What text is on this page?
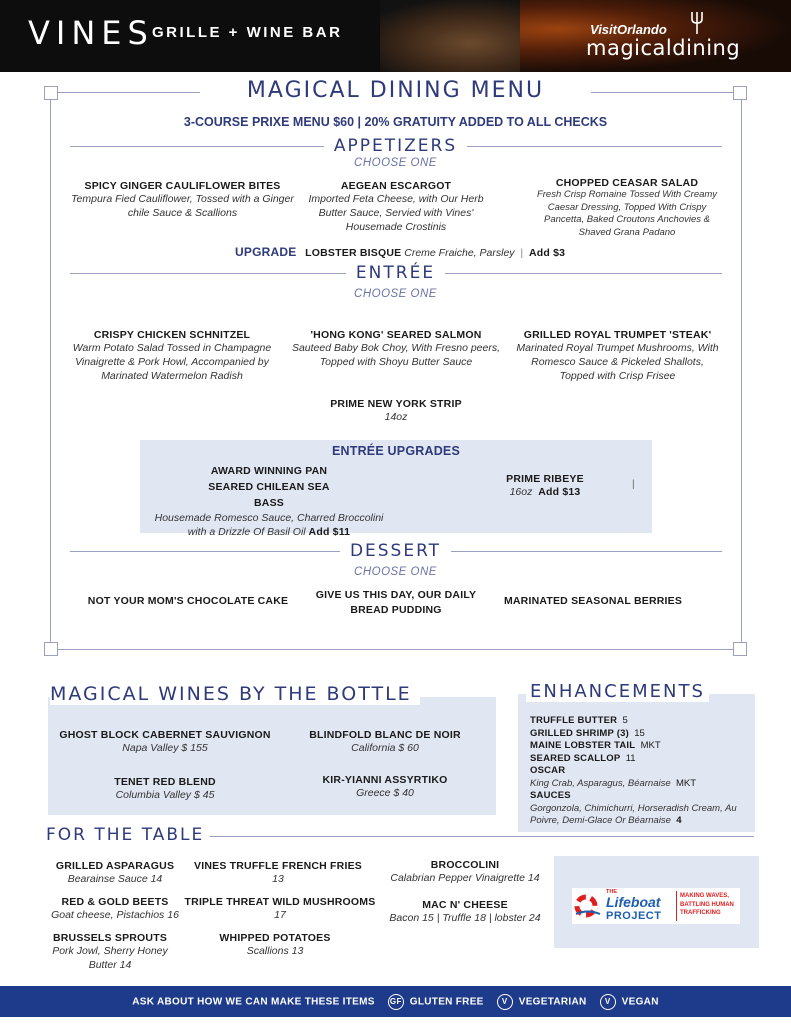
VINES
GRILLE + WINE BAR	VisitOrlando
magicaldining
MAGICAL DINING MENU
3-COURSE PRIXE MENU $60 | 20% GRATUITY ADDED TO ALL CHECKS
APPETIZERS
CHOOSE ONE
SPICY GINGER CAULIFLOWER BITES
Tempura Fied Cauliflower, Tossed with a Ginger chile Sauce & Scallions
AEGEAN ESCARGOT
Imported Feta Cheese, with Our Herb Butter Sauce, Servied with Vines' Housemade Crostinis
CHOPPED CEASAR SALAD
Fresh Crisp Romaine Tossed With Creamy Caesar Dressing, Topped With Crispy Pancetta, Baked Croutons Anchovies & Shaved Grana Padano
UPGRADE LOBSTER BISQUE Creme Fraiche, Parsley | Add $3
ENTRÉE
CHOOSE ONE
CRISPY CHICKEN SCHNITZEL
Warm Potato Salad Tossed in Champagne Vinaigrette & Pork Howl, Accompanied by Marinated Watermelon Radish
'HONG KONG' SEARED SALMON
Sauteed Baby Bok Choy, With Fresno peers, Topped with Shoyu Butter Sauce
GRILLED ROYAL TRUMPET 'STEAK'
Marinated Royal Trumpet Mushrooms, With Romesco Sauce & Pickeled Shallots, Topped with Crisp Frisee
PRIME NEW YORK STRIP
14oz
ENTRÉE UPGRADES
AWARD WINNING PAN SEARED CHILEAN SEA BASS
Housemade Romesco Sauce, Charred Broccolini with a Drizzle Of Basil Oil Add $11
PRIME RIBEYE
16oz Add $13
|
DESSERT
CHOOSE ONE
NOT YOUR MOM'S CHOCOLATE CAKE	GIVE US THIS DAY, OUR DAILY BREAD PUDDING
MARINATED SEASONAL BERRIES
MAGICAL WINES BY THE BOTTLE
GHOST BLOCK CABERNET SAUVIGNON
Napa Valley $ 155
BLINDFOLD BLANC DE NOIR
California $ 60
TENET RED BLEND
Columbia Valley $ 45
KIR-YIANNI ASSYRTIKO
Greece $ 40
ENHANCEMENTS
TRUFFLE BUTTER 5
GRILLED SHRIMP (3) 15
MAINE LOBSTER TAIL MKT
SEARED SCALLOP 11
OSCAR
King Crab, Asparagus, Béarnaise MKT
SAUCES
Gorgonzola, Chimichurri, Horseradish Cream, Au Poivre, Demi-Glace Or Béarnaise 4
FOR THE TABLE
GRILLED ASPARAGUS
Bearainse Sauce 14
RED & GOLD BEETS
Goat cheese, Pistachios 16
BRUSSELS SPROUTS
Pork Jowl, Sherry Honey Butter 14
VINES TRUFFLE FRENCH FRIES
13
TRIPLE THREAT WILD MUSHROOMS
17
WHIPPED POTATOES
Scallions 13
BROCCOLINI
Calabrian Pepper Vinaigrette 14
MAC N' CHEESE
Bacon 15 | Truffle 18 | lobster 24
THE
Lifeboat
PROJECT
MAKING WAVES, BATTLING HUMAN TRAFFICKING
ASK ABOUT HOW WE CAN MAKE THESE ITEMS GF GLUTEN FREE V VEGETARIAN V VEGAN
